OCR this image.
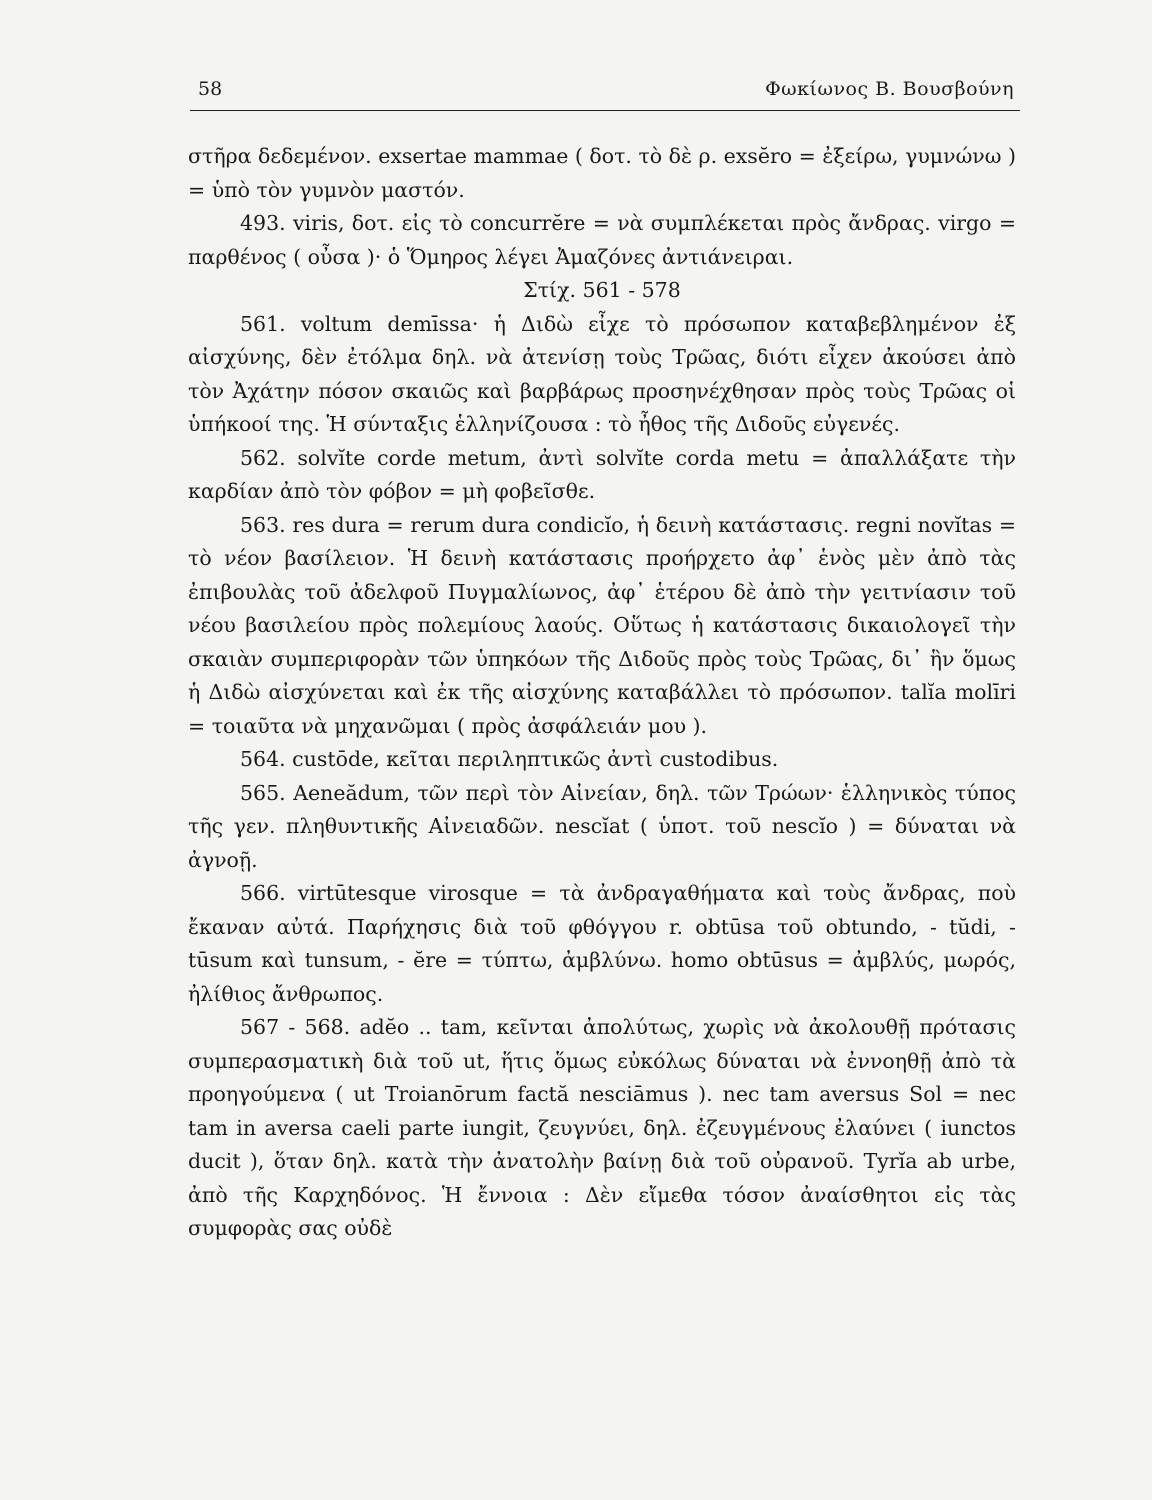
58	Φωκίωνος Β. Βουσβούνη

στῆρα δεδεμένον. exsertae mammae ( δοτ. τὸ δὲ ρ. exsĕro = ἐξείρω, γυμνώνω ) = ὑπὸ τὸν γυμνὸν μαστόν.

493. viris, δοτ. εἰς τὸ concurrĕre = νὰ συμπλέκεται πρὸς ἄνδρας. virgo = παρθένος ( οὖσα )· ὁ Ὅμηρος λέγει Ἀμαζόνες ἀντιάνειραι.

Στίχ. 561 - 578

561. voltum demīssa· ἡ Διδὼ εἶχε τὸ πρόσωπον καταβεβλημένον ἐξ αἰσχύνης, δὲν ἐτόλμα δηλ. νὰ ἀτενίσῃ τοὺς Τρῶας, διότι εἶχεν ἀκούσει ἀπὸ τὸν Ἀχάτην πόσον σκαιῶς καὶ βαρβάρως προσηνέχθησαν πρὸς τοὺς Τρῶας οἱ ὑπήκοοί της. Ἡ σύνταξις ἑλληνίζουσα : τὸ ἦθος τῆς Διδοῦς εὐγενές.

562. solvĭte corde metum, ἀντὶ solvĭte corda metu = ἀπαλλάξατε τὴν καρδίαν ἀπὸ τὸν φόβον = μὴ φοβεῖσθε.

563. res dura = rerum dura condicĭo, ἡ δεινὴ κατάστασις. regni novĭtas = τὸ νέον βασίλειον. Ἡ δεινὴ κατάστασις προήρχετο ἀφ᾽ ἑνὸς μὲν ἀπὸ τὰς ἐπιβουλὰς τοῦ ἀδελφοῦ Πυγμαλίωνος, ἀφ᾽ ἑτέρου δὲ ἀπὸ τὴν γειτνίασιν τοῦ νέου βασιλείου πρὸς πολεμίους λαούς. Οὕτως ἡ κατάστασις δικαιολογεῖ τὴν σκαιὰν συμπεριφορὰν τῶν ὑπηκόων τῆς Διδοῦς πρὸς τοὺς Τρῶας, δι᾽ ἣν ὅμως ἡ Διδὼ αἰσχύνεται καὶ ἐκ τῆς αἰσχύνης καταβάλλει τὸ πρόσωπον. talĭa molīri = τοιαῦτα νὰ μηχανῶμαι ( πρὸς ἀσφάλειάν μου ).

564. custōde, κεῖται περιληπτικῶς ἀντὶ custodibus.

565. Aeneădum, τῶν περὶ τὸν Αἰνείαν, δηλ. τῶν Τρώων· ἑλληνικὸς τύπος τῆς γεν. πληθυντικῆς Αἰνειαδῶν. nescĭat ( ὑποτ. τοῦ nescĭo ) = δύναται νὰ ἀγνοῇ.

566. virtūtesque virosque = τὰ ἀνδραγαθήματα καὶ τοὺς ἄνδρας, ποὺ ἔκαναν αὐτά. Παρήχησις διὰ τοῦ φθόγγου r. obtūsa τοῦ obtundo, - tŭdi, - tūsum καὶ tunsum, - ĕre = τύπτω, ἀμβλύνω. homo obtūsus = ἀμβλύς, μωρός, ἠλίθιος ἄνθρωπος.

567 - 568. adĕo .. tam, κεῖνται ἀπολύτως, χωρὶς νὰ ἀκολουθῇ πρότασις συμπερασματικὴ διὰ τοῦ ut, ἥτις ὅμως εὐκόλως δύναται νὰ ἐννοηθῇ ἀπὸ τὰ προηγούμενα ( ut Troianōrum factă nesciāmus ). nec tam aversus Sol = nec tam in aversa caeli parte iungit, ζευγνύει, δηλ. ἐζευγμένους ἐλαύνει ( iunctos ducit ), ὅταν δηλ. κατὰ τὴν ἀνατολὴν βαίνῃ διὰ τοῦ οὐρανοῦ. Tyrĭa ab urbe, ἀπὸ τῆς Καρχηδόνος. Ἡ ἔννοια : Δὲν εἴμεθα τόσον ἀναίσθητοι εἰς τὰς συμφορὰς σας οὐδὲ
